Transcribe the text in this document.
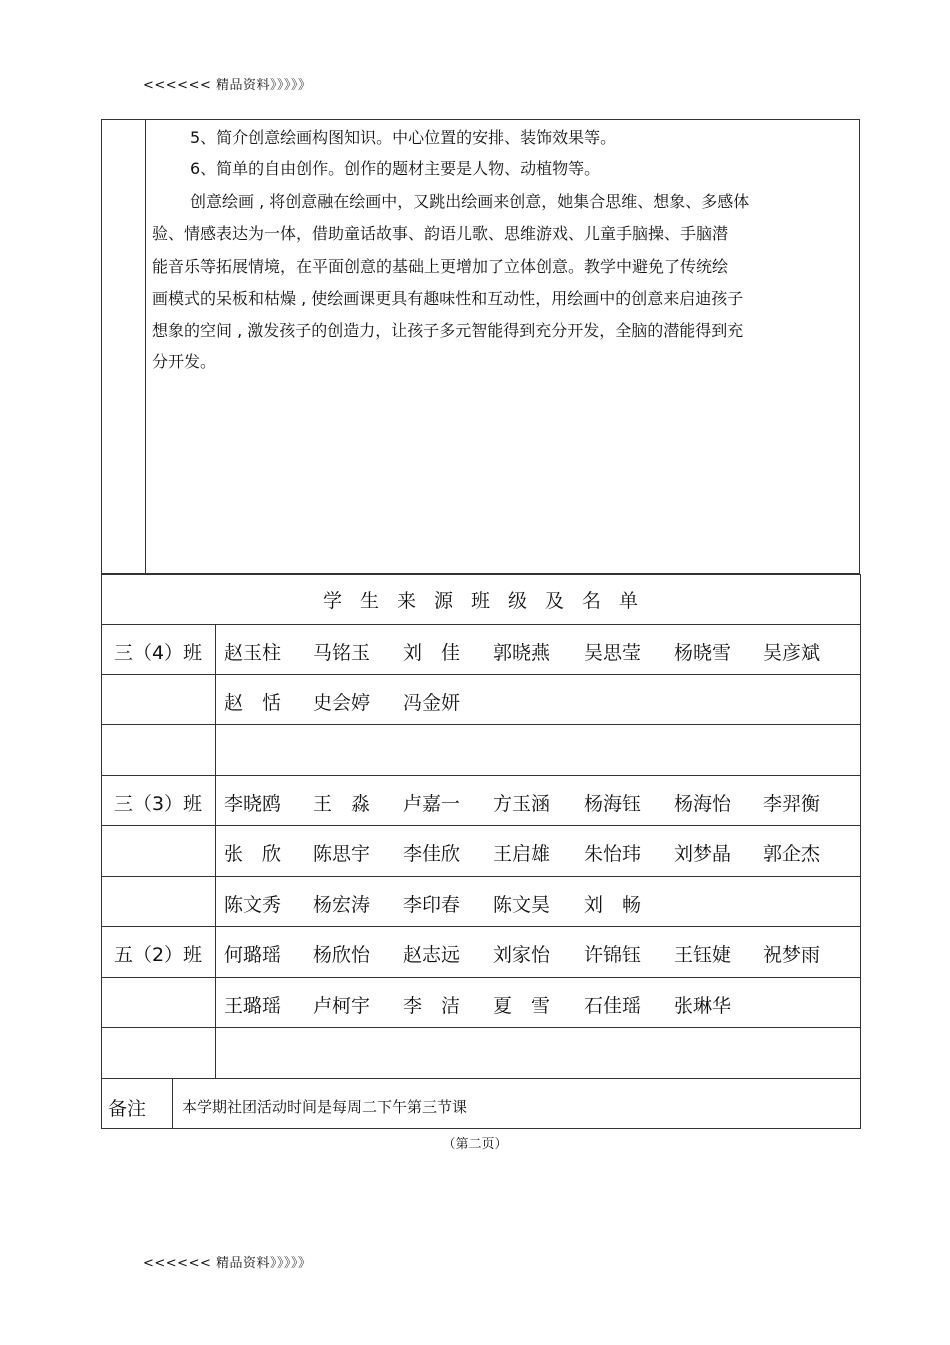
<<<<<< 精品资料》》》》》
5、简介创意绘画构图知识。中心位置的安排、装饰效果等。
6、简单的自由创作。创作的题材主要是人物、动植物等。
创意绘画 , 将创意融在绘画中，又跳出绘画来创意，她集合思维、想象、多感体
验、情感表达为一体，借助童话故事、韵语儿歌、思维游戏、儿童手脑操、手脑潜
能音乐等拓展情境，在平面创意的基础上更增加了立体创意。教学中避免了传统绘
画模式的呆板和枯燥 , 使绘画课更具有趣味性和互动性，用绘画中的创意来启迪孩子
想象的空间 , 激发孩子的创造力，让孩子多元智能得到充分开发，全脑的潜能得到充
分开发。
学生来源班级及名单
三（4）班	赵玉柱 马铭玉 刘　佳 郭晓燕 吴思莹 杨晓雪 吴彦斌
赵　恬 史会婷 冯金妍
三（3）班	李晓鸥 王　淼 卢嘉一 方玉涵 杨海钰 杨海怡 李羿衡
张　欣 陈思宇 李佳欣 王启雄 朱怡玮 刘梦晶 郭企杰
陈文秀 杨宏涛 李印春 陈文昊 刘　畅
五（2）班	何璐瑶 杨欣怡 赵志远 刘家怡 许锦钰 王钰婕 祝梦雨
王璐瑶 卢柯宇 李　洁 夏　雪 石佳瑶 张琳华
备注 本学期社团活动时间是每周二下午第三节课
（第二页）
<<<<<< 精品资料》》》》》
